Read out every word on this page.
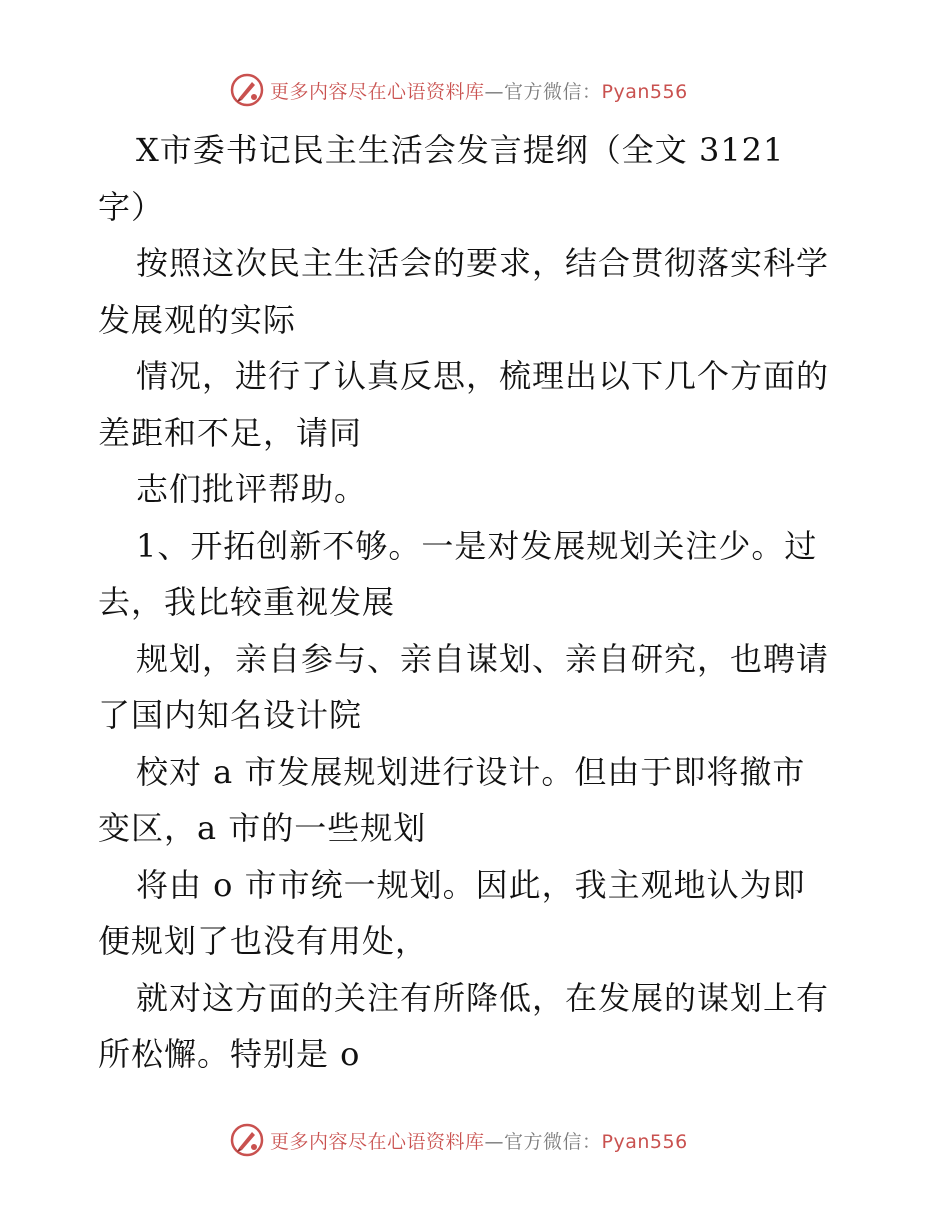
更多内容尽在心语资料库—官方微信：Pyan556
X市委书记民主生活会发言提纲（全文 3121
字）
按照这次民主生活会的要求，结合贯彻落实科学
发展观的实际
情况，进行了认真反思，梳理出以下几个方面的
差距和不足，请同
志们批评帮助。
1、开拓创新不够。一是对发展规划关注少。过
去，我比较重视发展
规划，亲自参与、亲自谋划、亲自研究，也聘请
了国内知名设计院
校对 a 市发展规划进行设计。但由于即将撤市
变区，a 市的一些规划
将由 o 市市统一规划。因此，我主观地认为即
便规划了也没有用处，
就对这方面的关注有所降低，在发展的谋划上有
所松懈。特别是 o
更多内容尽在心语资料库—官方微信：Pyan556
